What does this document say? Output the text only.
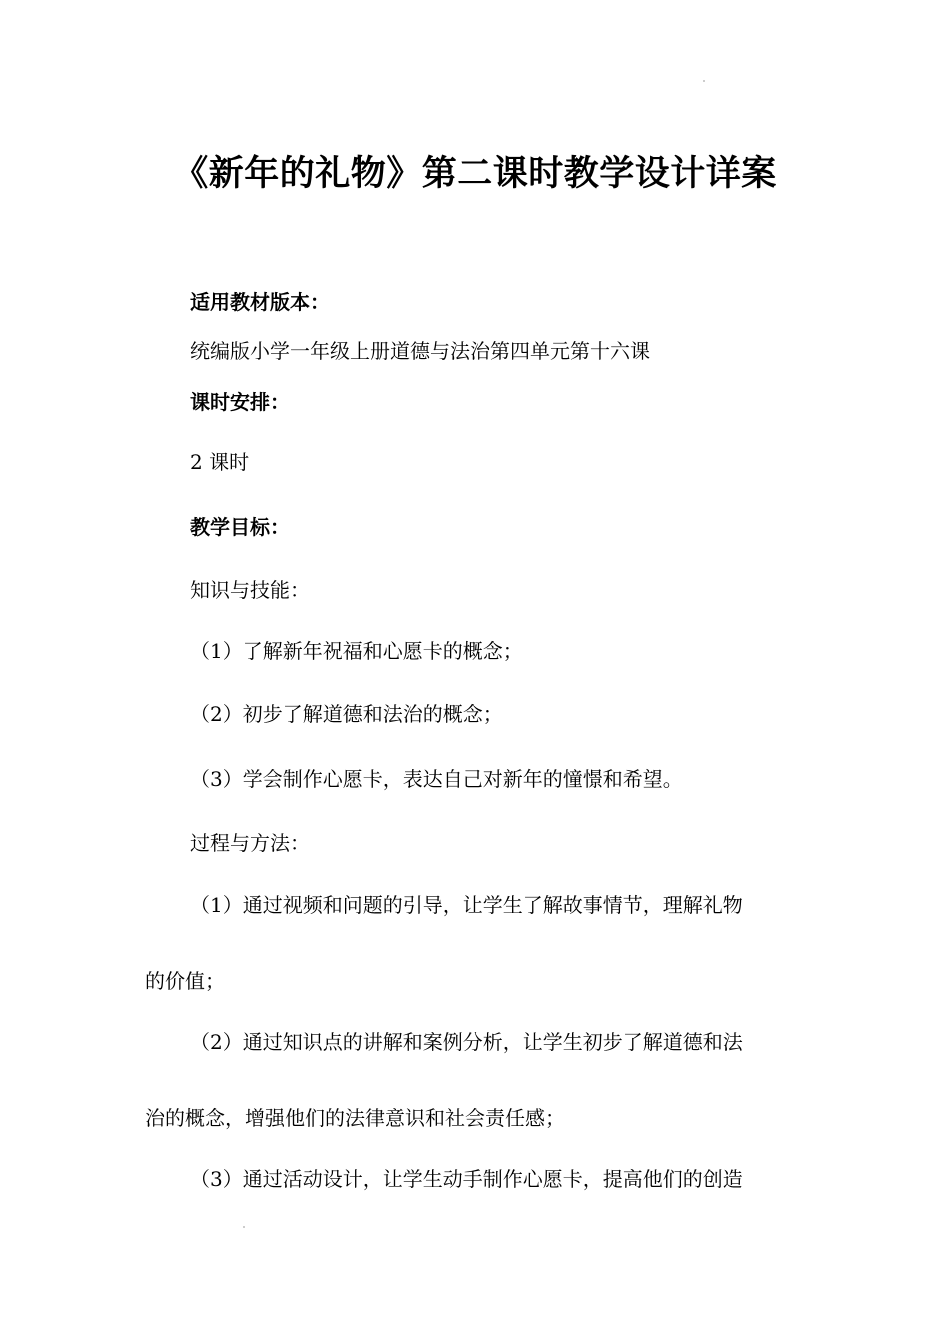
《新年的礼物》第二课时教学设计详案
适用教材版本：
统编版小学一年级上册道德与法治第四单元第十六课
课时安排：
2 课时
教学目标：
知识与技能：
（1）了解新年祝福和心愿卡的概念；
（2）初步了解道德和法治的概念；
（3）学会制作心愿卡，表达自己对新年的憧憬和希望。
过程与方法：
（1）通过视频和问题的引导，让学生了解故事情节，理解礼物
的价值；
（2）通过知识点的讲解和案例分析，让学生初步了解道德和法
治的概念，增强他们的法律意识和社会责任感；
（3）通过活动设计，让学生动手制作心愿卡，提高他们的创造
